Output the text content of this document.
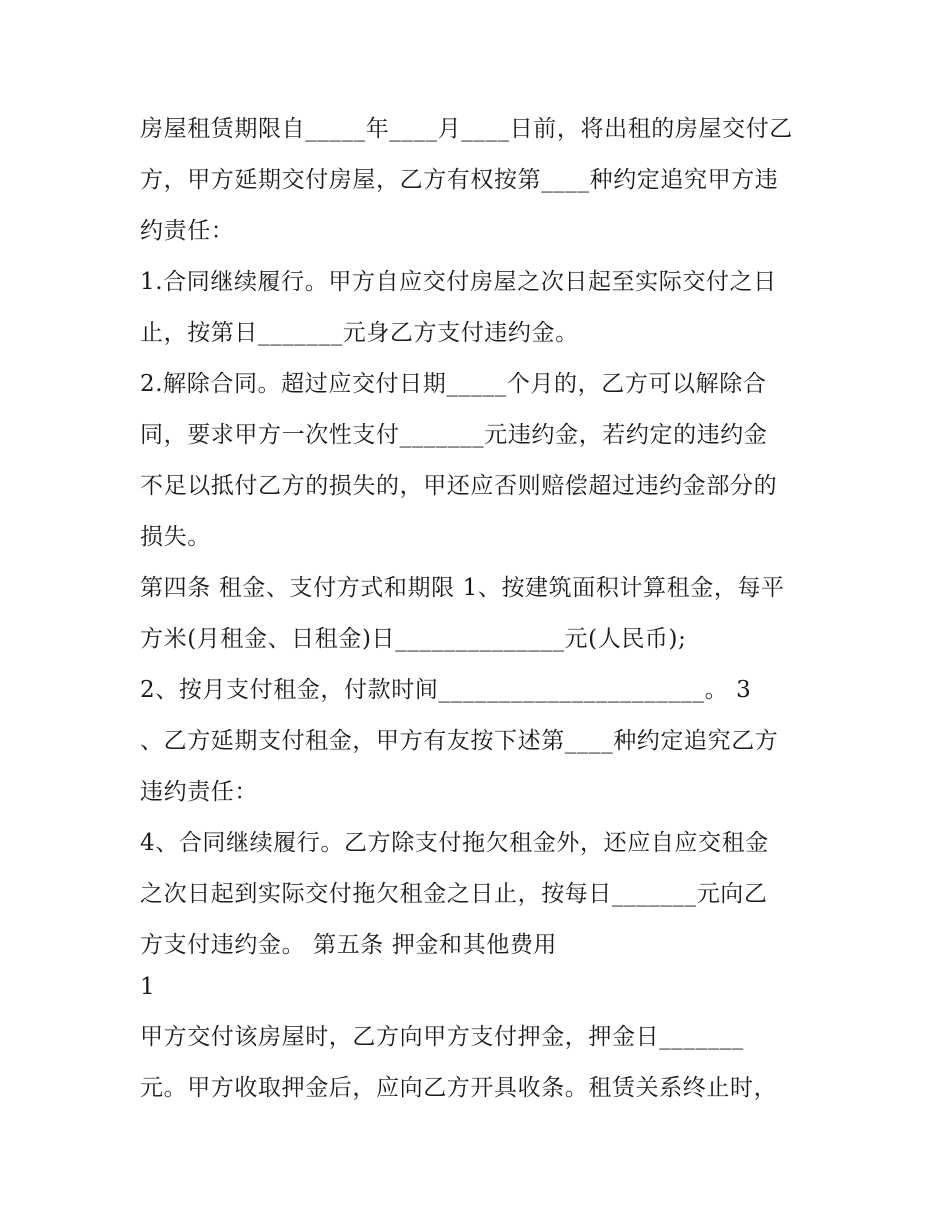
房屋租赁期限自_____年____月____日前，将出租的房屋交付乙
方，甲方延期交付房屋，乙方有权按第____种约定追究甲方违
约责任：
1.合同继续履行。甲方自应交付房屋之次日起至实际交付之日
止，按第日_______元身乙方支付违约金。
2.解除合同。超过应交付日期_____个月的，乙方可以解除合
同，要求甲方一次性支付_______元违约金，若约定的违约金
不足以抵付乙方的损失的，甲还应否则赔偿超过违约金部分的
损失。
第四条 租金、支付方式和期限 1、按建筑面积计算租金，每平
方米(月租金、日租金)日______________元(人民币);
2、按月支付租金，付款时间______________________。 3
、乙方延期支付租金，甲方有友按下述第____种约定追究乙方
违约责任：
4、合同继续履行。乙方除支付拖欠租金外，还应自应交租金
之次日起到实际交付拖欠租金之日止，按每日_______元向乙
方支付违约金。 第五条 押金和其他费用
1
甲方交付该房屋时，乙方向甲方支付押金，押金日_______
元。甲方收取押金后，应向乙方开具收条。租赁关系终止时，
